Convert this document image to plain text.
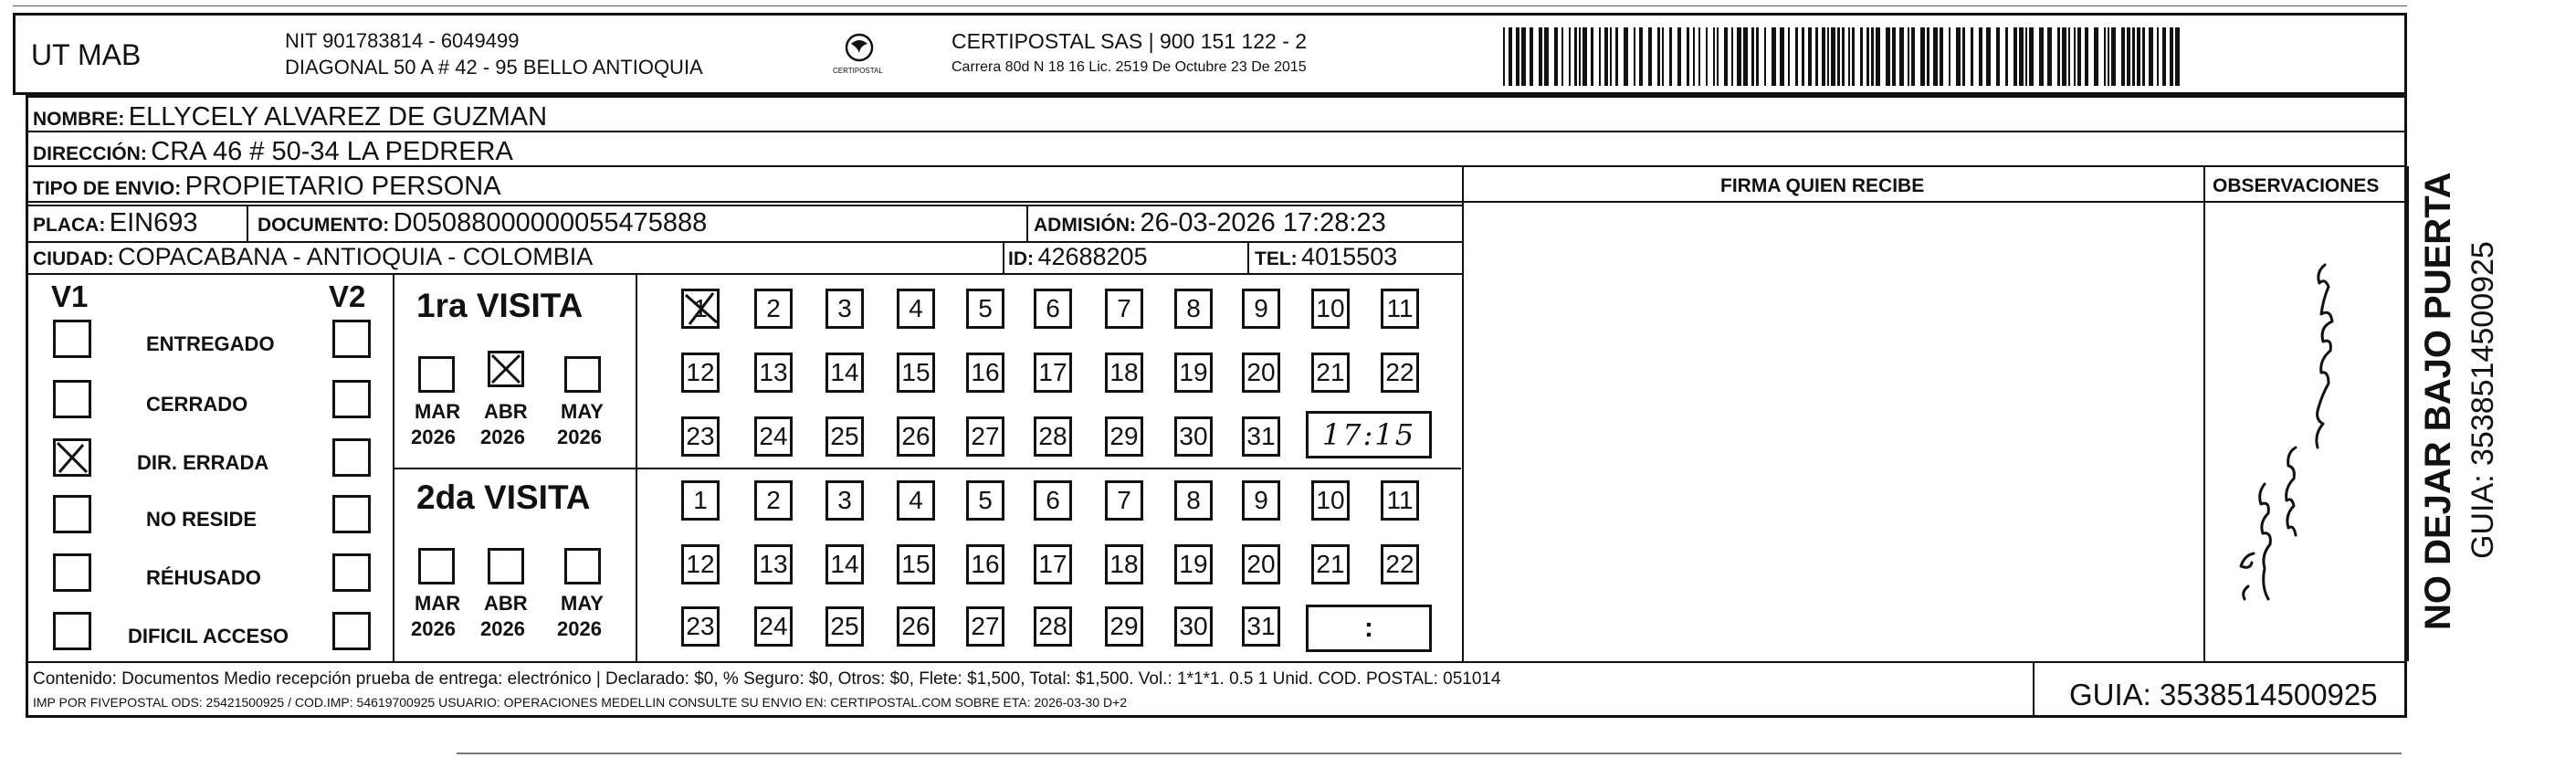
UT MAB	NIT 901783814 - 6049499
DIAGONAL 50 A # 42 - 95 BELLO ANTIOQUIA	CERTIPOSTAL
CERTIPOSTAL SAS | 900 151 122 - 2
Carrera 80d N 18 16 Lic. 2519 De Octubre 23 De 2015
NOMBRE: ELLYCELY ALVAREZ DE GUZMAN
DIRECCIÓN: CRA 46 # 50-34 LA PEDRERA
TIPO DE ENVIO: PROPIETARIO PERSONA
PLACA: EIN693	DOCUMENTO: D05088000000055475888	ADMISIÓN: 26-03-2026 17:28:23
CIUDAD: COPACABANA - ANTIOQUIA - COLOMBIA	ID: 42688205	TEL: 4015503
FIRMA QUIEN RECIBE	OBSERVACIONES
V1	V2
ENTREGADO
CERRADO
DIR. ERRADA
NO RESIDE
RÉHUSADO
DIFICIL ACCESO
1ra VISITA
2da VISITA
MAR
2026
ABR
2026
MAY
2026
MAR
2026
ABR
2026
MAY
2026
1 2 3 4 5 6 7 8 9 10 11
12 13 14 15 16 17 18 19 20 21 22
23 24 25 26 27 28 29 30 31
1 2 3 4 5 6 7 8 9 10 11
12 13 14 15 16 17 18 19 20 21 22
23 24 25 26 27 28 29 30 31
17:15
:	NO DEJAR BAJO PUERTA GUIA: 3538514500925
Contenido: Documentos Medio recepción prueba de entrega: electrónico | Declarado: $0, % Seguro: $0, Otros: $0, Flete: $1,500, Total: $1,500. Vol.: 1*1*1. 0.5 1 Unid. COD. POSTAL: 051014
IMP POR FIVEPOSTAL ODS: 25421500925 / COD.IMP: 54619700925 USUARIO: OPERACIONES MEDELLIN CONSULTE SU ENVIO EN: CERTIPOSTAL.COM SOBRE ETA: 2026-03-30 D+2	GUIA: 3538514500925
